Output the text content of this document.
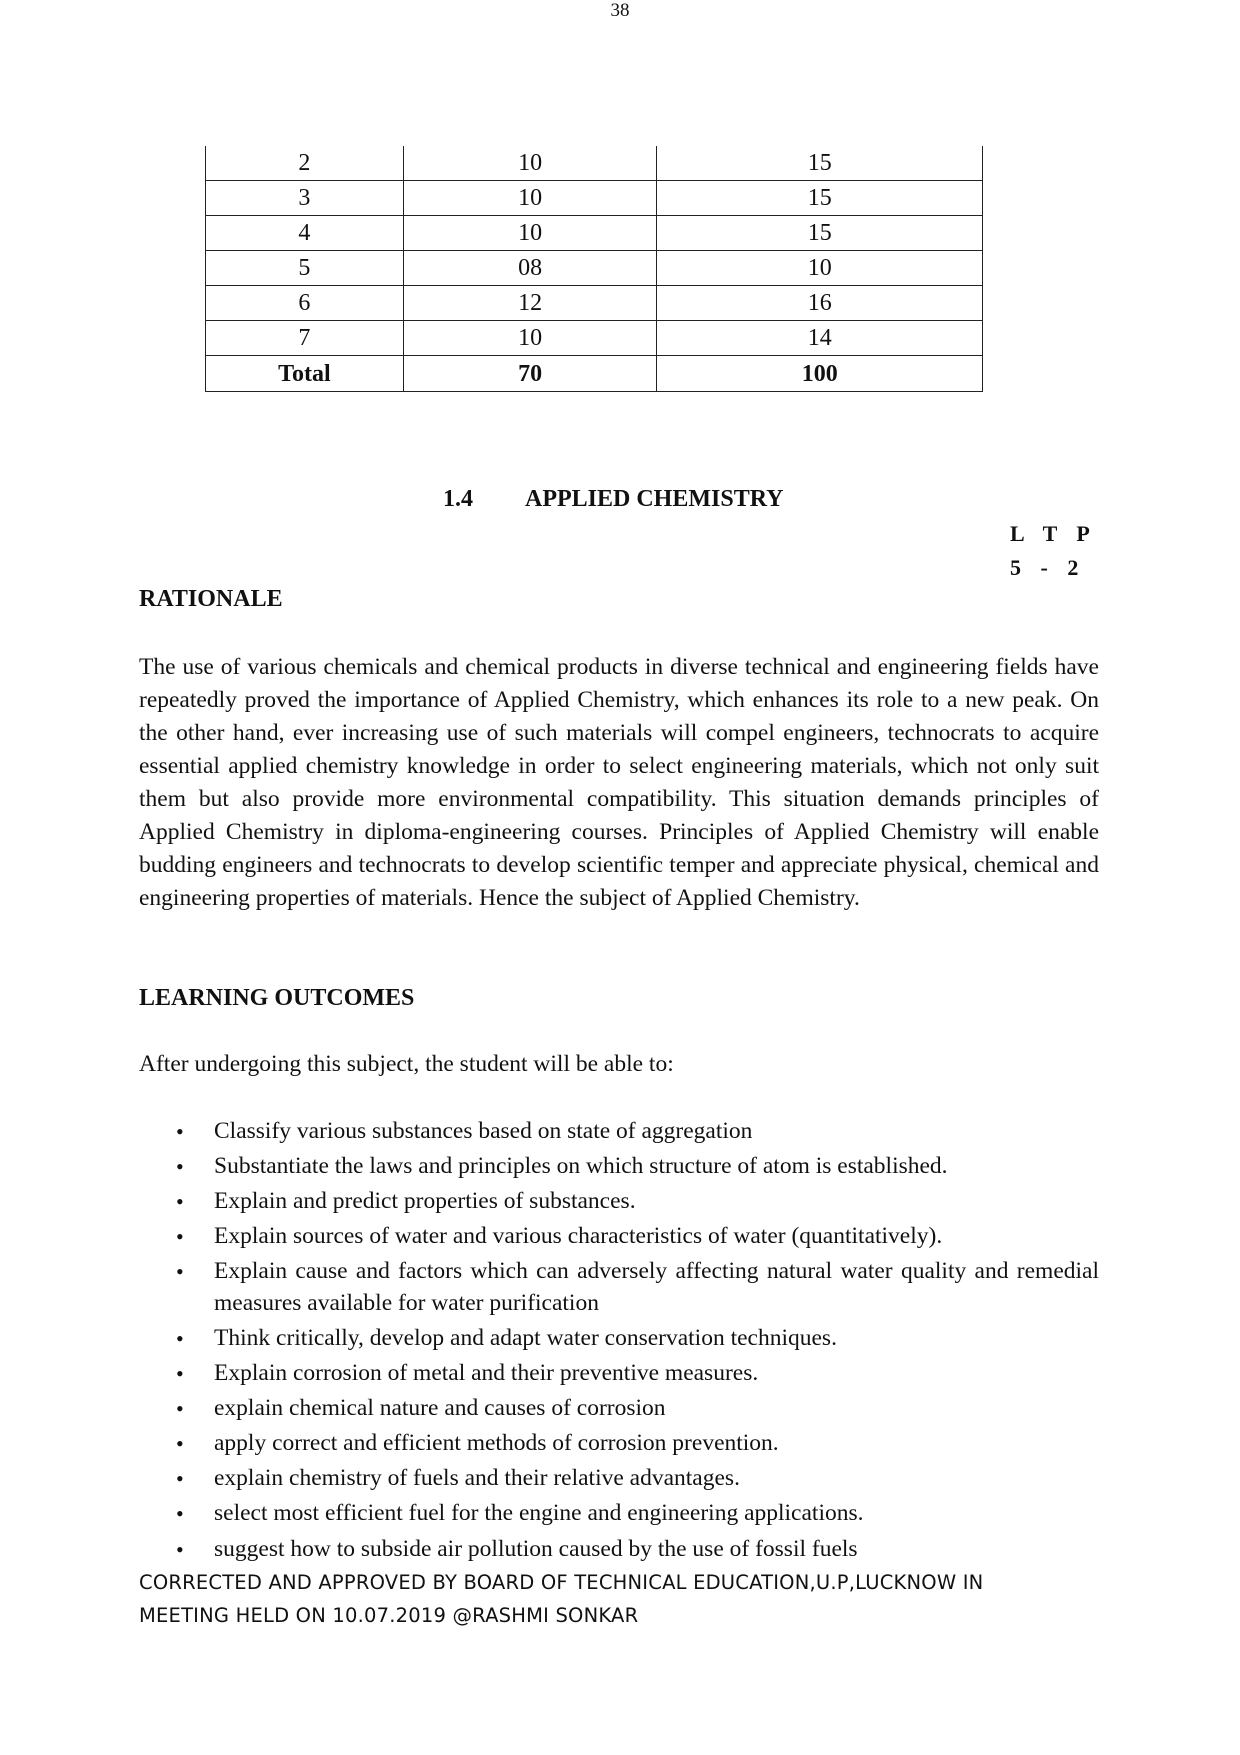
38
2	10	15
3	10	15
4	10	15
5	08	10
6	12	16
7	10	14
Total	70	100
1.4 APPLIED CHEMISTRY
L T P
5 - 2
RATIONALE

The use of various chemicals and chemical products in diverse technical and engineering fields have repeatedly proved the importance of Applied Chemistry, which enhances its role to a new peak. On the other hand, ever increasing use of such materials will compel engineers, technocrats to acquire essential applied chemistry knowledge in order to select engineering materials, which not only suit them but also provide more environmental compatibility. This situation demands principles of Applied Chemistry in diploma-engineering courses. Principles of Applied Chemistry will enable budding engineers and technocrats to develop scientific temper and appreciate physical, chemical and engineering properties of materials. Hence the subject of Applied Chemistry.

LEARNING OUTCOMES
After undergoing this subject, the student will be able to:
• Classify various substances based on state of aggregation
• Substantiate the laws and principles on which structure of atom is established.
• Explain and predict properties of substances.
• Explain sources of water and various characteristics of water (quantitatively).
• Explain cause and factors which can adversely affecting natural water quality and remedial measures available for water purification
• Think critically, develop and adapt water conservation techniques.
• Explain corrosion of metal and their preventive measures.
• explain chemical nature and causes of corrosion
• apply correct and efficient methods of corrosion prevention.
• explain chemistry of fuels and their relative advantages.
• select most efficient fuel for the engine and engineering applications.
• suggest how to subside air pollution caused by the use of fossil fuels
CORRECTED AND APPROVED BY BOARD OF TECHNICAL EDUCATION,U.P,LUCKNOW IN
MEETING HELD ON 10.07.2019 @RASHMI SONKAR
